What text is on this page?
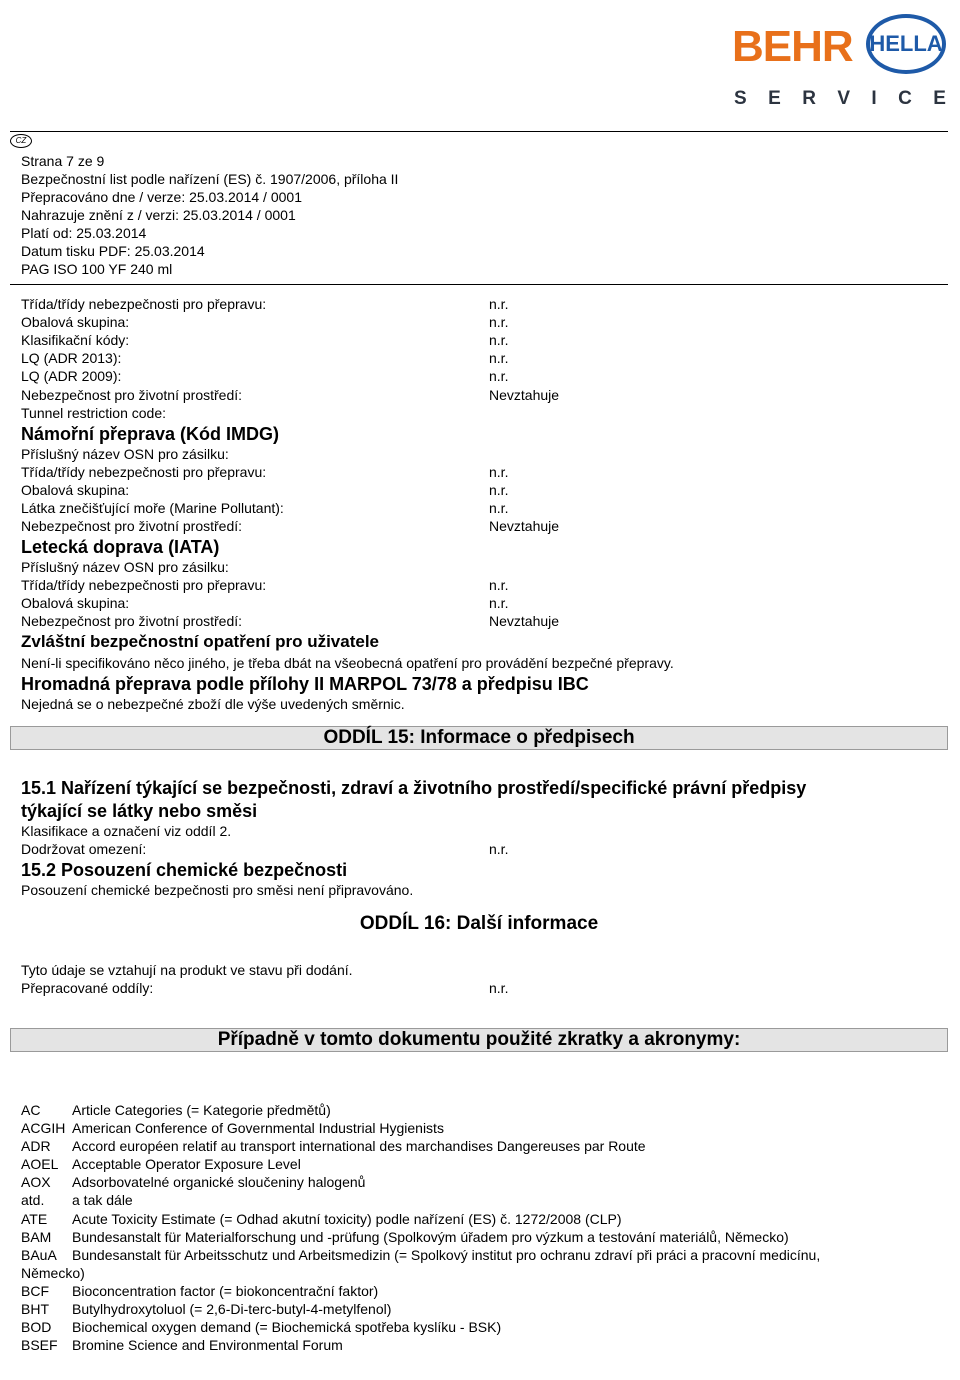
BEHR HELLA
S E R V I C E
CZ
Strana 7 ze 9
Bezpečnostní list podle nařízení (ES) č. 1907/2006, příloha II
Přepracováno dne / verze: 25.03.2014 / 0001
Nahrazuje znění z / verzi: 25.03.2014 / 0001
Platí od: 25.03.2014
Datum tisku PDF: 25.03.2014
PAG ISO 100 YF 240 ml
Třída/třídy nebezpečnosti pro přepravu:	n.r.
Obalová skupina:	n.r.
Klasifikační kódy:	n.r.
LQ (ADR 2013):	n.r.
LQ (ADR 2009):	n.r.
Nebezpečnost pro životní prostředí:	Nevztahuje
Tunnel restriction code:
Námořní přeprava (Kód IMDG)
Příslušný název OSN pro zásilku:
Třída/třídy nebezpečnosti pro přepravu:	n.r.
Obalová skupina:	n.r.
Látka znečišťující moře (Marine Pollutant):	n.r.
Nebezpečnost pro životní prostředí:	Nevztahuje
Letecká doprava (IATA)
Příslušný název OSN pro zásilku:
Třída/třídy nebezpečnosti pro přepravu:	n.r.
Obalová skupina:	n.r.
Nebezpečnost pro životní prostředí:	Nevztahuje
Zvláštní bezpečnostní opatření pro uživatele
Není-li specifikováno něco jiného, je třeba dbát na všeobecná opatření pro provádění bezpečné přepravy.
Hromadná přeprava podle přílohy II MARPOL 73/78 a předpisu IBC
Nejedná se o nebezpečné zboží dle výše uvedených směrnic.
ODDÍL 15: Informace o předpisech
15.1 Nařízení týkající se bezpečnosti, zdraví a životního prostředí/specifické právní předpisy
týkající se látky nebo směsi
Klasifikace a označení viz oddíl 2.
Dodržovat omezení:	n.r.
15.2 Posouzení chemické bezpečnosti
Posouzení chemické bezpečnosti pro směsi není připravováno.
ODDÍL 16: Další informace
Tyto údaje se vztahují na produkt ve stavu při dodání.
Přepracované oddíly:	n.r.
Případně v tomto dokumentu použité zkratky a akronymy:
AC Article Categories (= Kategorie předmětů)
ACGIH American Conference of Governmental Industrial Hygienists
ADR Accord européen relatif au transport international des marchandises Dangereuses par Route
AOEL Acceptable Operator Exposure Level
AOX Adsorbovatelné organické sloučeniny halogenů
atd. a tak dále
ATE Acute Toxicity Estimate (= Odhad akutní toxicity) podle nařízení (ES) č. 1272/2008 (CLP)
BAM Bundesanstalt für Materialforschung und -prüfung (Spolkovým úřadem pro výzkum a testování materiálů, Německo)
BAuA Bundesanstalt für Arbeitsschutz und Arbeitsmedizin (= Spolkový institut pro ochranu zdraví při práci a pracovní medicínu,
Německo)
BCF Bioconcentration factor (= biokoncentrační faktor)
BHT Butylhydroxytoluol (= 2,6-Di-terc-butyl-4-metylfenol)
BOD Biochemical oxygen demand (= Biochemická spotřeba kyslíku - BSK)
BSEF Bromine Science and Environmental Forum
